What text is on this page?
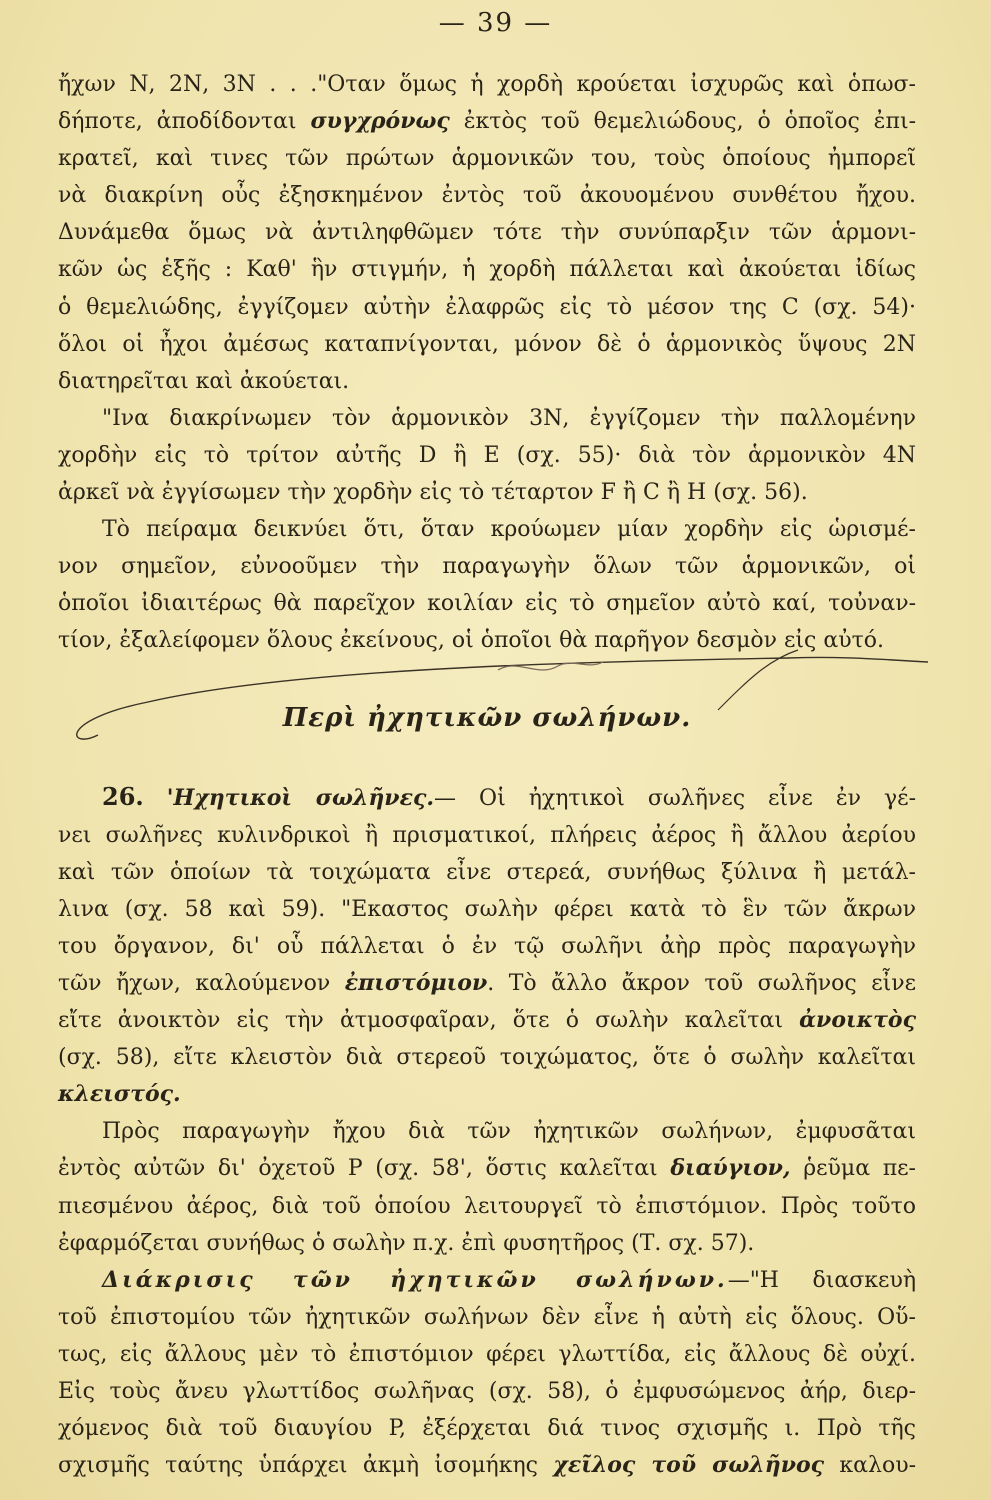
— 39 —

ἤχων Ν, 2Ν, 3Ν . . ."Οταν ὅμως ἡ χορδὴ κρούεται ἰσχυρῶς καὶ ὁπωσ-

δήποτε, ἀποδίδονται συγχρόνως ἐκτὸς τοῦ θεμελιώδους, ὁ ὁποῖος ἐπι-

κρατεῖ, καὶ τινες τῶν πρώτων ἁρμονικῶν του, τοὺς ὁποίους ἠμπορεῖ

νὰ διακρίνη οὖς ἐξησκημένον ἐντὸς τοῦ ἀκουομένου συνθέτου ἤχου.

Δυνάμεθα ὅμως νὰ ἀντιληφθῶμεν τότε τὴν συνύπαρξιν τῶν ἁρμονι-

κῶν ὡς ἑξῆς : Καθ' ἣν στιγμήν, ἡ χορδὴ πάλλεται καὶ ἀκούεται ἰδίως

ὁ θεμελιώδης, ἐγγίζομεν αὐτὴν ἐλαφρῶς εἰς τὸ μέσον της C (σχ. 54)·

ὅλοι οἱ ἦχοι ἀμέσως καταπνίγονται, μόνον δὲ ὁ ἁρμονικὸς ὕψους 2Ν

διατηρεῖται καὶ ἀκούεται.

"Ινα διακρίνωμεν τὸν ἁρμονικὸν 3Ν, ἐγγίζομεν τὴν παλλομένην

χορδὴν εἰς τὸ τρίτον αὐτῆς D ἢ E (σχ. 55)· διὰ τὸν ἁρμονικὸν 4Ν

ἀρκεῖ νὰ ἐγγίσωμεν τὴν χορδὴν εἰς τὸ τέταρτον F ἢ C ἢ H (σχ. 56).

Τὸ πείραμα δεικνύει ὅτι, ὅταν κρούωμεν μίαν χορδὴν εἰς ὡρισμέ-

νον σημεῖον, εὐνοοῦμεν τὴν παραγωγὴν ὅλων τῶν ἁρμονικῶν, οἱ

ὁποῖοι ἰδιαιτέρως θὰ παρεῖχον κοιλίαν εἰς τὸ σημεῖον αὐτὸ καί, τοὐναν-

τίον, ἐξαλείφομεν ὅλους ἐκείνους, οἱ ὁποῖοι θὰ παρῆγον δεσμὸν εἰς αὐτό.

Περὶ ἠχητικῶν σωλήνων.

26. 'Ηχητικοὶ σωλῆνες.— Οἱ ἠχητικοὶ σωλῆνες εἶνε ἐν γέ-

νει σωλῆνες κυλινδρικοὶ ἢ πρισματικοί, πλήρεις ἀέρος ἢ ἄλλου ἀερίου

καὶ τῶν ὁποίων τὰ τοιχώματα εἶνε στερεά, συνήθως ξύλινα ἢ μετάλ-

λινα (σχ. 58 καὶ 59). "Εκαστος σωλὴν φέρει κατὰ τὸ ἓν τῶν ἄκρων

του ὄργανον, δι' οὗ πάλλεται ὁ ἐν τῷ σωλῆνι ἀὴρ πρὸς παραγωγὴν

τῶν ἤχων, καλούμενον ἐπιστόμιον. Τὸ ἄλλο ἄκρον τοῦ σωλῆνος εἶνε

εἴτε ἀνοικτὸν εἰς τὴν ἀτμοσφαῖραν, ὅτε ὁ σωλὴν καλεῖται ἀνοικτὸς

(σχ. 58), εἴτε κλειστὸν διὰ στερεοῦ τοιχώματος, ὅτε ὁ σωλὴν καλεῖται

κλειστός.

Πρὸς παραγωγὴν ἤχου διὰ τῶν ἠχητικῶν σωλήνων, ἐμφυσᾶται

ἐντὸς αὐτῶν δι' ὀχετοῦ P (σχ. 58', ὅστις καλεῖται διαύγιον, ῥεῦμα πε-

πιεσμένου ἀέρος, διὰ τοῦ ὁποίου λειτουργεῖ τὸ ἐπιστόμιον. Πρὸς τοῦτο

ἐφαρμόζεται συνήθως ὁ σωλὴν π.χ. ἐπὶ φυσητῆρος (Τ. σχ. 57).

Διάκρισις τῶν ἠχητικῶν σωλήνων.—"Η διασκευὴ

τοῦ ἐπιστομίου τῶν ἠχητικῶν σωλήνων δὲν εἶνε ἡ αὐτὴ εἰς ὅλους. Οὕ-

τως, εἰς ἄλλους μὲν τὸ ἐπιστόμιον φέρει γλωττίδα, εἰς ἄλλους δὲ οὐχί.

Εἰς τοὺς ἄνευ γλωττίδος σωλῆνας (σχ. 58), ὁ ἐμφυσώμενος ἀήρ, διερ-

χόμενος διὰ τοῦ διαυγίου P, ἐξέρχεται διά τινος σχισμῆς ι. Πρὸ τῆς

σχισμῆς ταύτης ὑπάρχει ἀκμὴ ἰσομήκης χεῖλος τοῦ σωλῆνος καλου-
